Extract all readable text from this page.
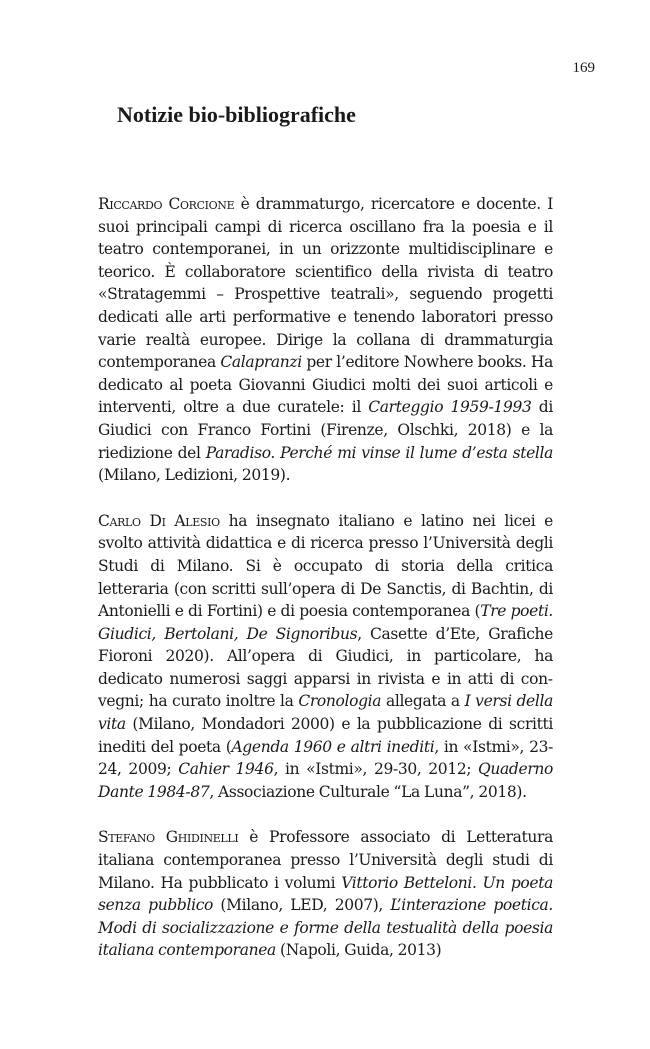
169
Notizie bio-bibliografiche

Riccardo Corcione è drammaturgo, ricercatore e docente. I suoi principali campi di ricerca oscillano fra la poesia e il teatro contemporanei, in un orizzonte multidisciplinare e teorico. È collaboratore scientifico della rivista di teatro «Stratagemmi – Prospettive teatrali», seguendo progetti dedicati alle arti performative e tenendo laboratori presso varie realtà europee. Dirige la collana di drammaturgia contemporanea Calapranzi per l’editore Nowhere books. Ha dedicato al poeta Giovanni Giudici molti dei suoi articoli e interventi, oltre a due curatele: il Carteggio 1959-1993 di Giudici con Franco Fortini (Firenze, Olschki, 2018) e la riedizione del Paradiso. Perché mi vinse il lume d’esta stella (Milano, Ledizioni, 2019).

Carlo Di Alesio ha insegnato italiano e latino nei licei e svolto attività didattica e di ricerca presso l’Università degli Studi di Milano. Si è occupato di storia della critica letteraria (con scritti sull’opera di De Sanctis, di Bachtin, di Antonielli e di Fortini) e di poesia contemporanea (Tre poeti. Giudici, Bertolani, De Signoribus, Casette d’Ete, Grafiche Fioroni 2020). All’opera di Giudici, in particolare, ha dedicato numerosi saggi apparsi in rivista e in atti di convegni; ha curato inoltre la Cronologia allegata a I versi della vita (Milano, Mondadori 2000) e la pubblicazione di scritti inediti del poeta (Agenda 1960 e altri inediti, in «Istmi», 23-24, 2009; Cahier 1946, in «Istmi», 29-30, 2012; Quaderno Dante 1984-87, Associazione Culturale “La Luna”, 2018).

Stefano Ghidinelli è Professore associato di Letteratura italiana contemporanea presso l’Università degli studi di Milano. Ha pubblicato i volumi Vittorio Betteloni. Un poeta senza pubblico (Milano, LED, 2007), L’interazione poetica. Modi di socializzazione e forme della testualità della poesia italiana contemporanea (Napoli, Guida, 2013)
